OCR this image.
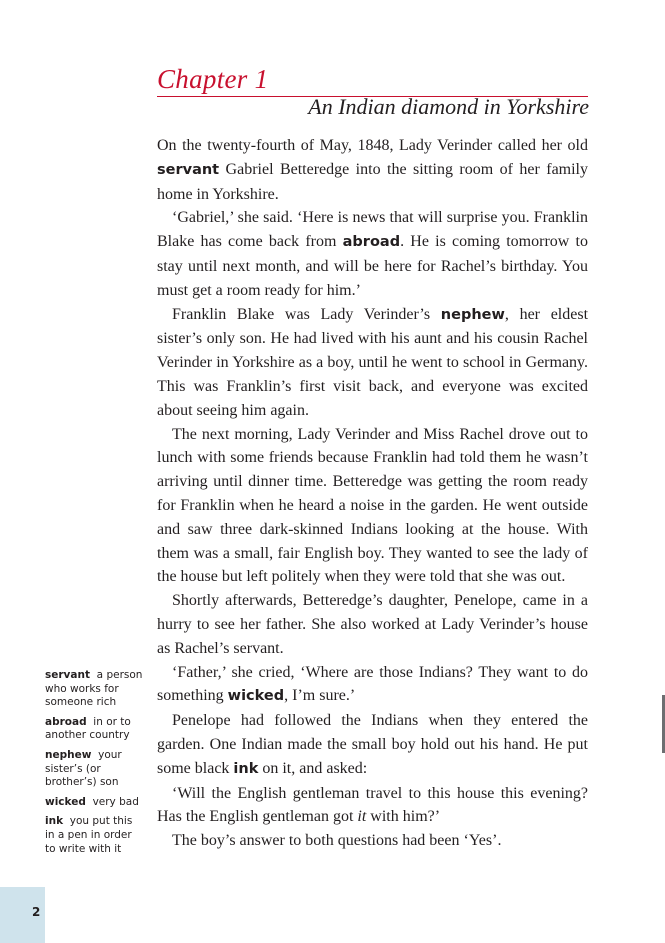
Chapter 1
An Indian diamond in Yorkshire

On the twenty-fourth of May, 1848, Lady Verinder called her old servant Gabriel Betteredge into the sitting room of her family home in Yorkshire.

‘Gabriel,’ she said. ‘Here is news that will surprise you. Franklin Blake has come back from abroad. He is coming tomorrow to stay until next month, and will be here for Rachel’s birthday. You must get a room ready for him.’

Franklin Blake was Lady Verinder’s nephew, her eldest sister’s only son. He had lived with his aunt and his cousin Rachel Verinder in Yorkshire as a boy, until he went to school in Germany. This was Franklin’s first visit back, and everyone was excited about seeing him again.

The next morning, Lady Verinder and Miss Rachel drove out to lunch with some friends because Franklin had told them he wasn’t arriving until dinner time. Betteredge was getting the room ready for Franklin when he heard a noise in the garden. He went outside and saw three dark-skinned Indians looking at the house. With them was a small, fair English boy. They wanted to see the lady of the house but left politely when they were told that she was out.

Shortly afterwards, Betteredge’s daughter, Penelope, came in a hurry to see her father. She also worked at Lady Verinder’s house as Rachel’s servant.

‘Father,’ she cried, ‘Where are those Indians? They want to do something wicked, I’m sure.’

Penelope had followed the Indians when they entered the garden. One Indian made the small boy hold out his hand. He put some black ink on it, and asked:

‘Will the English gentleman travel to this house this evening? Has the English gentleman got it with him?’

The boy’s answer to both questions had been ‘Yes’.

servant a person who works for someone rich
abroad in or to another country
nephew your sister’s (or brother’s) son
wicked very bad
ink you put this in a pen in order to write with it
2
